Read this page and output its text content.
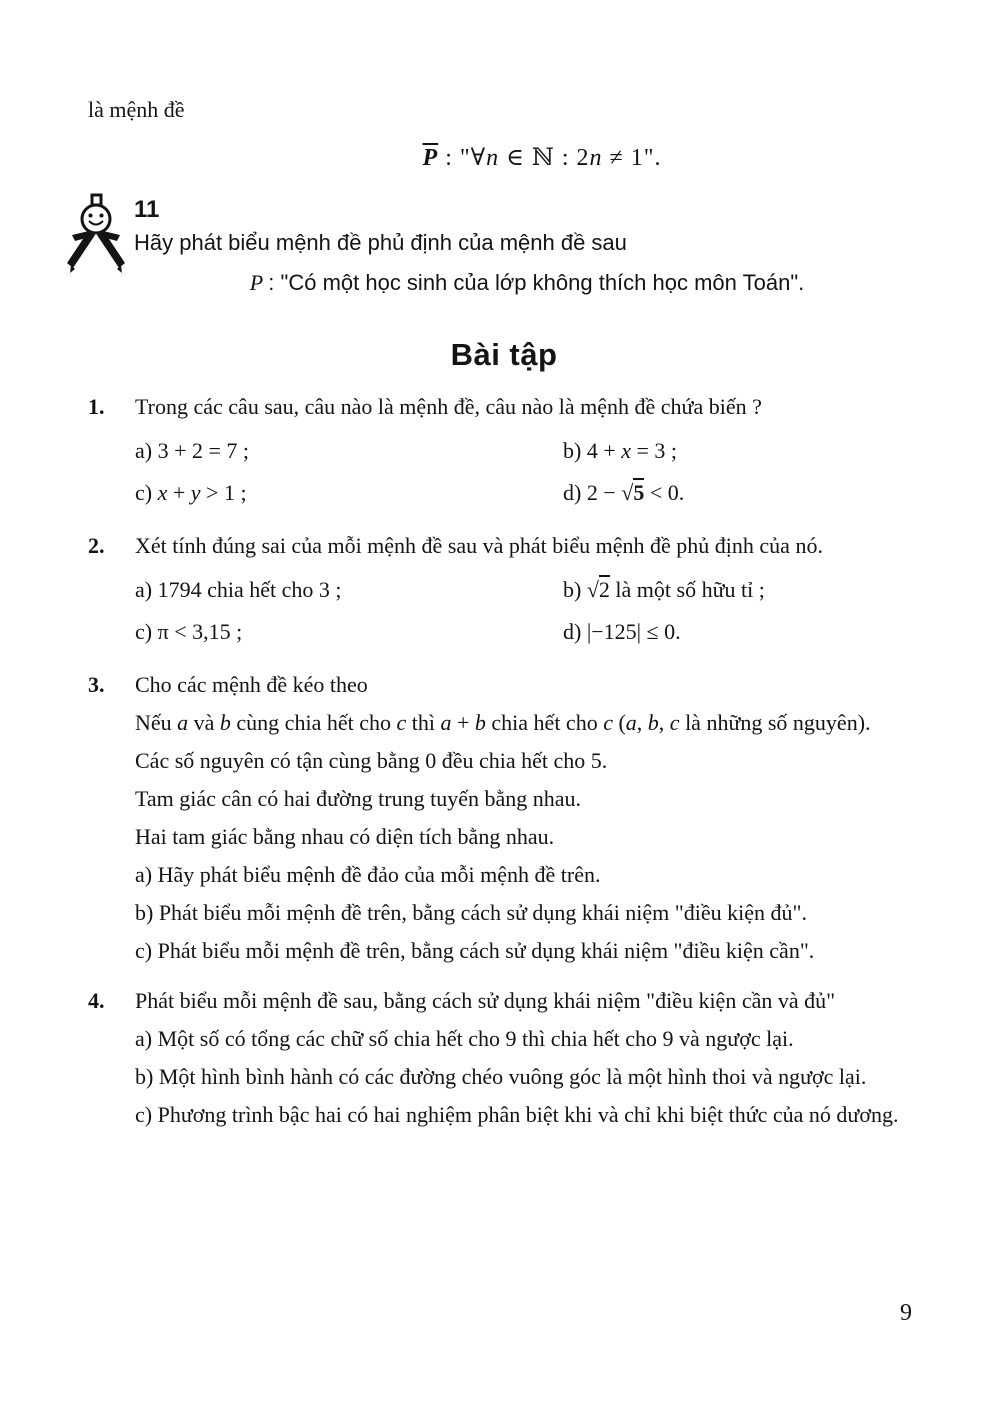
là mệnh đề

$\overline{P}$ : "∀n ∈ ℕ : 2n ≠ 1".

11

Hãy phát biểu mệnh đề phủ định của mệnh đề sau

P : "Có một học sinh của lớp không thích học môn Toán".

Bài tập
1.	Trong các câu sau, câu nào là mệnh đề, câu nào là mệnh đề chứa biến ?

a) 3 + 2 = 7 ;	b) 4 + x = 3 ;

c) x + y > 1 ;	d) 2 − √5 < 0.

2.	Xét tính đúng sai của mỗi mệnh đề sau và phát biểu mệnh đề phủ định của nó.

a) 1794 chia hết cho 3 ;	b) √2 là một số hữu tỉ ;

c) π < 3,15 ;	d) |−125| ≤ 0.

3.	Cho các mệnh đề kéo theo

Nếu a và b cùng chia hết cho c thì a + b chia hết cho c (a, b, c là những số nguyên).

Các số nguyên có tận cùng bằng 0 đều chia hết cho 5.

Tam giác cân có hai đường trung tuyến bằng nhau.

Hai tam giác bằng nhau có diện tích bằng nhau.

a) Hãy phát biểu mệnh đề đảo của mỗi mệnh đề trên.

b) Phát biểu mỗi mệnh đề trên, bằng cách sử dụng khái niệm "điều kiện đủ".

c) Phát biểu mỗi mệnh đề trên, bằng cách sử dụng khái niệm "điều kiện cần".

4.	Phát biểu mỗi mệnh đề sau, bằng cách sử dụng khái niệm "điều kiện cần và đủ"

a) Một số có tổng các chữ số chia hết cho 9 thì chia hết cho 9 và ngược lại.

b) Một hình bình hành có các đường chéo vuông góc là một hình thoi và ngược lại.

c) Phương trình bậc hai có hai nghiệm phân biệt khi và chỉ khi biệt thức của nó dương.

9
